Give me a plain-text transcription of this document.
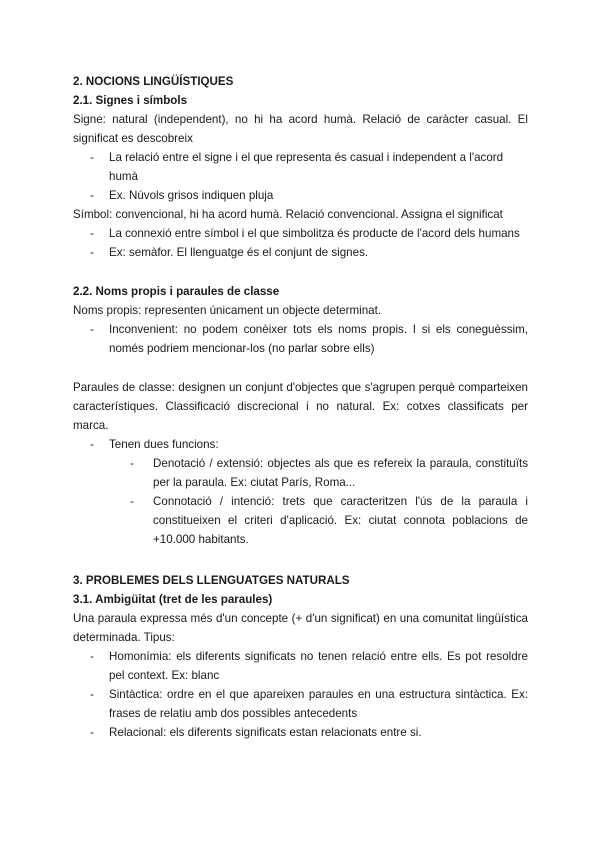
2. NOCIONS LINGÜÍSTIQUES

2.1. Signes i símbols

Signe: natural (independent), no hi ha acord humà. Relació de caràcter casual. El significat es descobreix

- La relació entre el signe i el que representa és casual i independent a l'acord humà
- Ex. Núvols grisos indiquen pluja

Símbol: convencional, hi ha acord humà. Relació convencional. Assigna el significat

- La connexió entre símbol i el que simbolitza és producte de l'acord dels humans
- Ex: semàfor. El llenguatge és el conjunt de signes.

2.2. Noms propis i paraules de classe

Noms propis: representen únicament un objecte determinat.

- Inconvenient: no podem conèixer tots els noms propis. I si els coneguèssim, només podriem mencionar-los (no parlar sobre ells)

Paraules de classe: designen un conjunt d'objectes que s'agrupen perquè comparteixen característiques. Classificació discrecional i no natural. Ex: cotxes classificats per marca.

- Tenen dues funcions:
- Denotació / extensió: objectes als que es refereix la paraula, constituïts per la paraula. Ex: ciutat París, Roma...
- Connotació / intenció: trets que caracteritzen l'ús de la paraula i constitueixen el criteri d'aplicació. Ex: ciutat connota poblacions de +10.000 habitants.

3. PROBLEMES DELS LLENGUATGES NATURALS

3.1. Ambigüitat (tret de les paraules)

Una paraula expressa més d'un concepte (+ d'un significat) en una comunitat lingüística determinada. Tipus:

- Homonímia: els diferents significats no tenen relació entre ells. Es pot resoldre pel context. Ex: blanc
- Sintàctica: ordre en el que apareixen paraules en una estructura sintàctica. Ex: frases de relatiu amb dos possibles antecedents
- Relacional: els diferents significats estan relacionats entre si.
